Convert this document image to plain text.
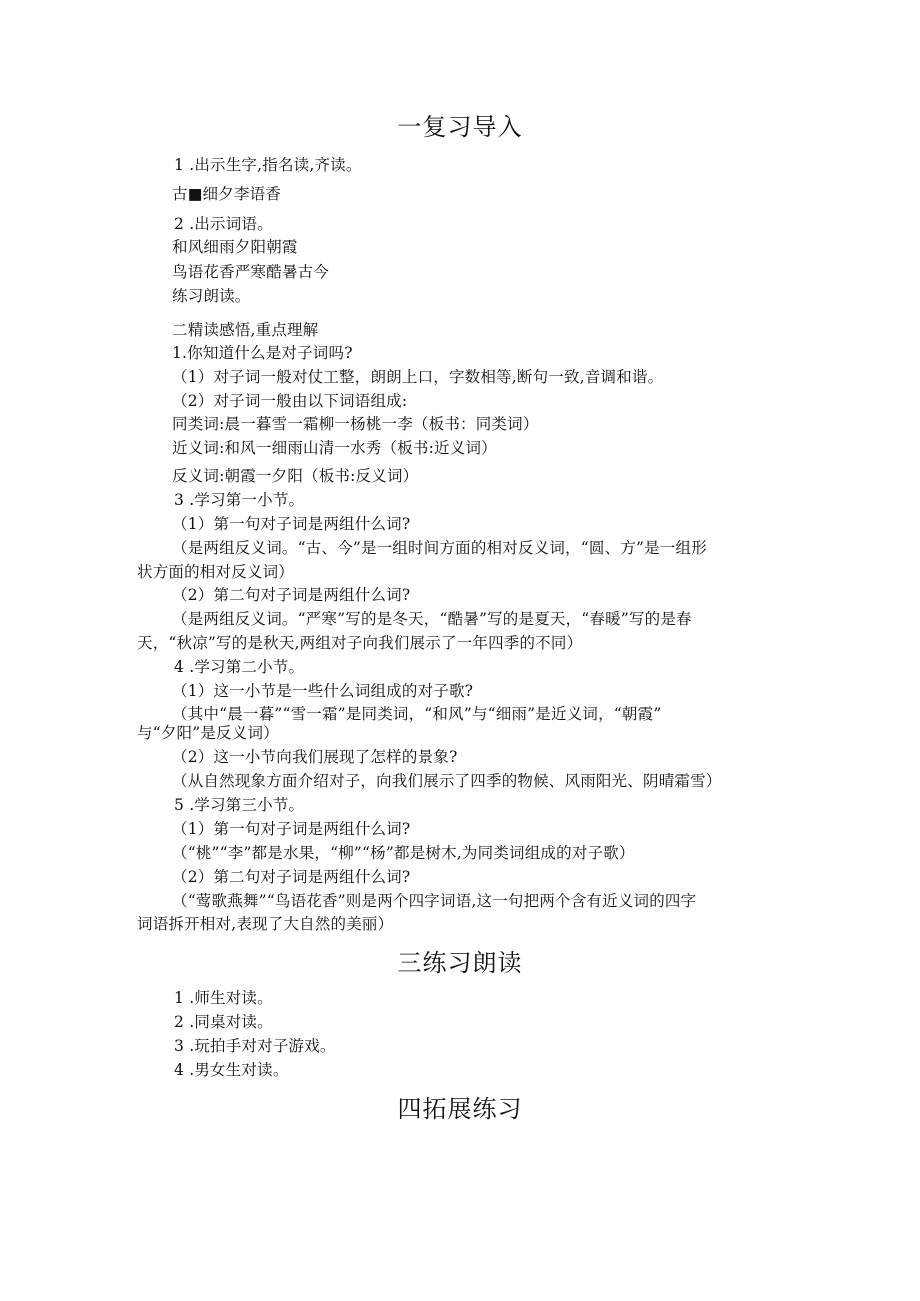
一复习导入
1 .出示生字,指名读,齐读。
古■细夕李语香
2 .出示词语。
和风细雨夕阳朝霞
鸟语花香严寒酷暑古今
练习朗读。
二精读感悟,重点理解
1.你知道什么是对子词吗?
（1）对子词一般对仗工整，朗朗上口，字数相等,断句一致,音调和谐。
（2）对子词一般由以下词语组成:
同类词:晨一暮雪一霜柳一杨桃一李（板书：同类词）
近义词:和风一细雨山清一水秀（板书:近义词）
反义词:朝霞一夕阳（板书:反义词）
3 .学习第一小节。
（1）第一句对子词是两组什么词?
（是两组反义词。“古、今”是一组时间方面的相对反义词，“圆、方”是一组形
状方面的相对反义词）
（2）第二句对子词是两组什么词?
（是两组反义词。“严寒”写的是冬天，“酷暑”写的是夏天，“春暖”写的是春
天，“秋凉”写的是秋天,两组对子向我们展示了一年四季的不同）
4 .学习第二小节。
（1）这一小节是一些什么词组成的对子歌?
（其中“晨一暮”“雪一霜”是同类词，“和风”与“细雨”是近义词，“朝霞”
与“夕阳”是反义词）
（2）这一小节向我们展现了怎样的景象?
（从自然现象方面介绍对子，向我们展示了四季的物候、风雨阳光、阴晴霜雪）
5 .学习第三小节。
（1）第一句对子词是两组什么词?
（“桃”“李”都是水果，“柳”“杨”都是树木,为同类词组成的对子歌）
（2）第二句对子词是两组什么词?
（“莺歌燕舞”“鸟语花香”则是两个四字词语,这一句把两个含有近义词的四字
词语拆开相对,表现了大自然的美丽）
三练习朗读
1 .师生对读。
2 .同桌对读。
3 .玩拍手对对子游戏。
4 .男女生对读。
四拓展练习
